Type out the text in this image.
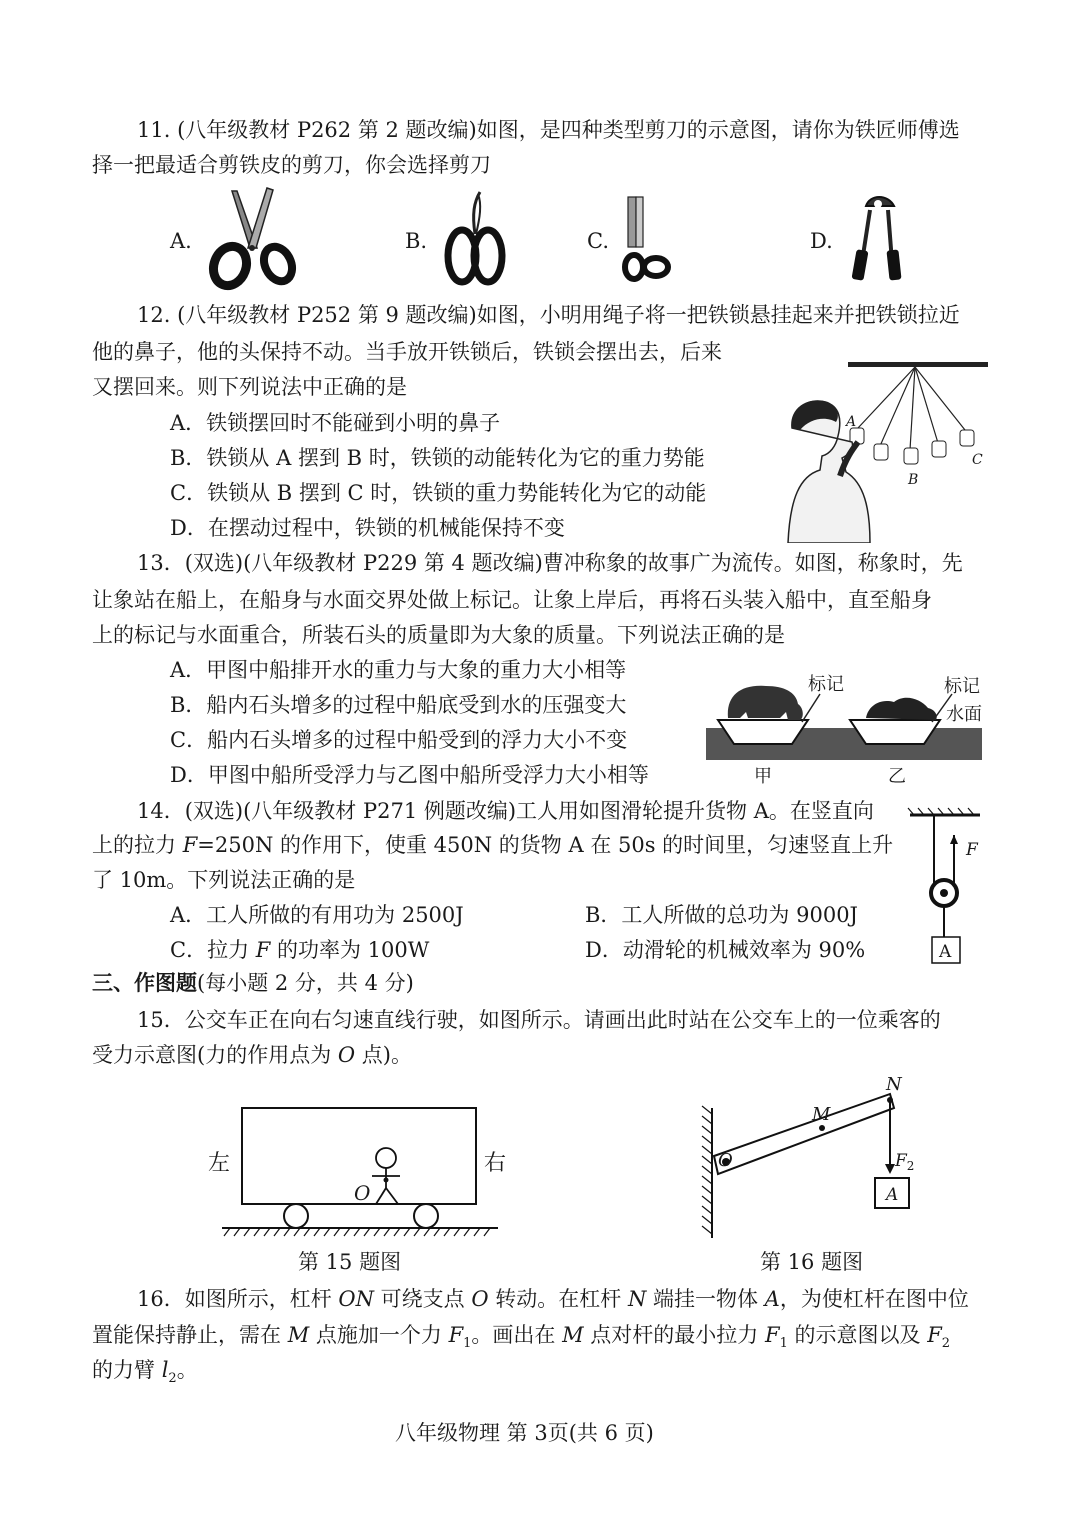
11. (八年级教材 P262 第 2 题改编)如图，是四种类型剪刀的示意图，请你为铁匠师傅选
择一把最适合剪铁皮的剪刀，你会选择剪刀
A.	B.	C.	D.
12. (八年级教材 P252 第 9 题改编)如图，小明用绳子将一把铁锁悬挂起来并把铁锁拉近
他的鼻子，他的头保持不动。当手放开铁锁后，铁锁会摆出去，后来
又摆回来。则下列说法中正确的是
A．铁锁摆回时不能碰到小明的鼻子
B．铁锁从 A 摆到 B 时，铁锁的动能转化为它的重力势能
C．铁锁从 B 摆到 C 时，铁锁的重力势能转化为它的动能
D．在摆动过程中，铁锁的机械能保持不变
A
B
C
13．(双选)(八年级教材 P229 第 4 题改编)曹冲称象的故事广为流传。如图，称象时，先
让象站在船上，在船身与水面交界处做上标记。让象上岸后，再将石头装入船中，直至船身
上的标记与水面重合，所装石头的质量即为大象的质量。下列说法正确的是
A．甲图中船排开水的重力与大象的重力大小相等
B．船内石头增多的过程中船底受到水的压强变大
C．船内石头增多的过程中船受到的浮力大小不变
D．甲图中船所受浮力与乙图中船所受浮力大小相等
标记	标记
水面
甲	乙
14．(双选)(八年级教材 P271 例题改编)工人用如图滑轮提升货物 A。在竖直向
上的拉力 F=250N 的作用下，使重 450N 的货物 A 在 50s 的时间里，匀速竖直上升
了 10m。下列说法正确的是
A．工人所做的有用功为 2500J	B．工人所做的总功为 9000J
C．拉力 F 的功率为 100W	D．动滑轮的机械效率为 90%
F
A
三、作图题(每小题 2 分，共 4 分)
15．公交车正在向右匀速直线行驶，如图所示。请画出此时站在公交车上的一位乘客的
受力示意图(力的作用点为 O 点)。
左	右
O
第 15 题图
N
M
O	$F_2$
A
第 16 题图
16．如图所示，杠杆 ON 可绕支点 O 转动。在杠杆 N 端挂一物体 A，为使杠杆在图中位
置能保持静止，需在 M 点施加一个力 $F_1$。画出在 M 点对杆的最小拉力 $F_1$ 的示意图以及 $F_2$
的力臂 $l_2$。
八年级物理 第 3页(共 6 页)
